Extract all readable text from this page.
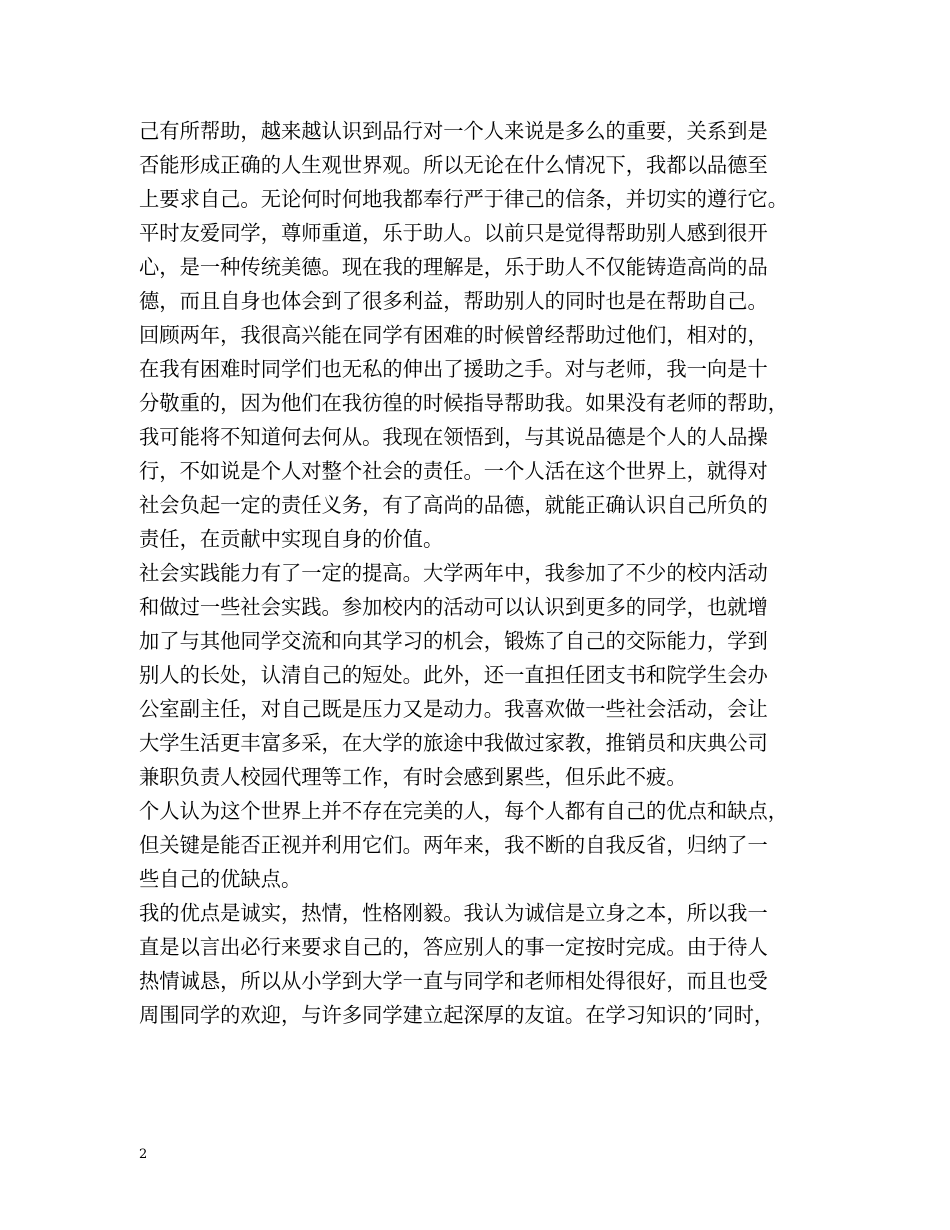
己有所帮助，越来越认识到品行对一个人来说是多么的重要，关系到是
否能形成正确的人生观世界观。所以无论在什么情况下，我都以品德至
上要求自己。无论何时何地我都奉行严于律己的信条，并切实的遵行它。
平时友爱同学，尊师重道，乐于助人。以前只是觉得帮助别人感到很开
心，是一种传统美德。现在我的理解是，乐于助人不仅能铸造高尚的品
德，而且自身也体会到了很多利益，帮助别人的同时也是在帮助自己。
回顾两年，我很高兴能在同学有困难的时候曾经帮助过他们，相对的，
在我有困难时同学们也无私的伸出了援助之手。对与老师，我一向是十
分敬重的，因为他们在我彷徨的时候指导帮助我。如果没有老师的帮助，
我可能将不知道何去何从。我现在领悟到，与其说品德是个人的人品操
行，不如说是个人对整个社会的责任。一个人活在这个世界上，就得对
社会负起一定的责任义务，有了高尚的品德，就能正确认识自己所负的
责任，在贡献中实现自身的价值。
社会实践能力有了一定的提高。大学两年中，我参加了不少的校内活动
和做过一些社会实践。参加校内的活动可以认识到更多的同学，也就增
加了与其他同学交流和向其学习的机会，锻炼了自己的交际能力，学到
别人的长处，认清自己的短处。此外，还一直担任团支书和院学生会办
公室副主任，对自己既是压力又是动力。我喜欢做一些社会活动，会让
大学生活更丰富多采，在大学的旅途中我做过家教，推销员和庆典公司
兼职负责人校园代理等工作，有时会感到累些，但乐此不疲。
个人认为这个世界上并不存在完美的人，每个人都有自己的优点和缺点，
但关键是能否正视并利用它们。两年来，我不断的自我反省，归纳了一
些自己的优缺点。
我的优点是诚实，热情，性格刚毅。我认为诚信是立身之本，所以我一
直是以言出必行来要求自己的，答应别人的事一定按时完成。由于待人
热情诚恳，所以从小学到大学一直与同学和老师相处得很好，而且也受
周围同学的欢迎，与许多同学建立起深厚的友谊。在学习知识的’同时，
2
